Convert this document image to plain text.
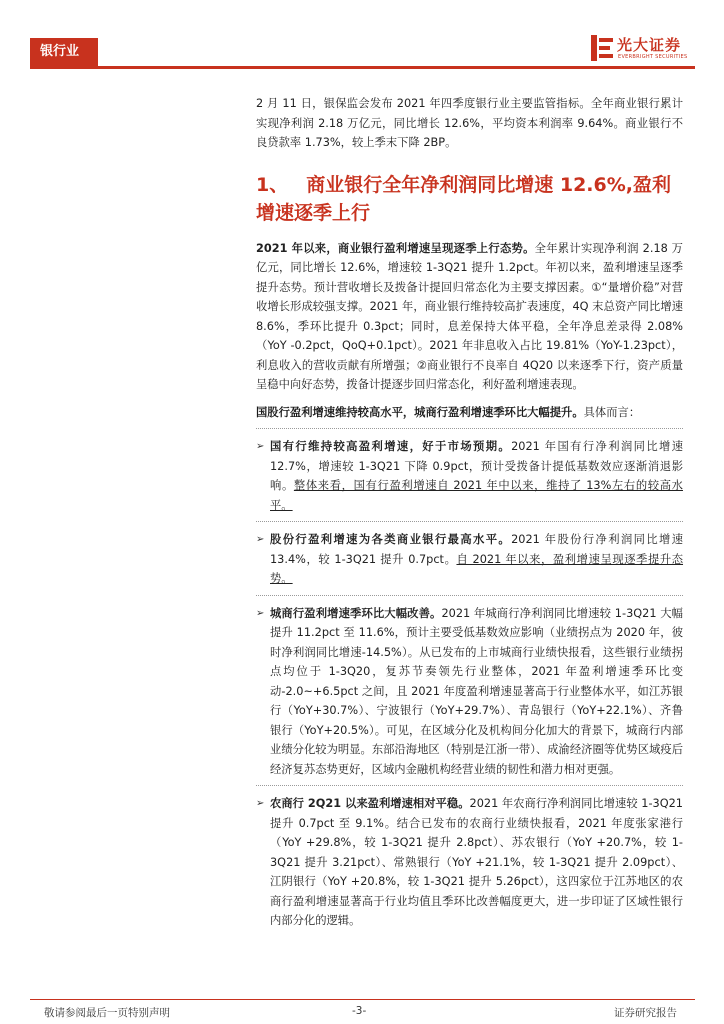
银行业	光大证券
EVERBRIGHT SECURITIES

2 月 11 日，银保监会发布 2021 年四季度银行业主要监管指标。全年商业银行累计实现净利润 2.18 万亿元，同比增长 12.6%，平均资本利润率 9.64%。商业银行不良贷款率 1.73%，较上季末下降 2BP。

1、 商业银行全年净利润同比增速 12.6%,盈利增速逐季上行

2021 年以来，商业银行盈利增速呈现逐季上行态势。全年累计实现净利润 2.18 万亿元，同比增长 12.6%，增速较 1-3Q21 提升 1.2pct。年初以来，盈利增速呈逐季提升态势。预计营收增长及拨备计提回归常态化为主要支撑因素。①“量增价稳”对营收增长形成较强支撑。2021 年，商业银行维持较高扩表速度，4Q 末总资产同比增速 8.6%，季环比提升 0.3pct；同时，息差保持大体平稳，全年净息差录得 2.08%（YoY -0.2pct，QoQ+0.1pct）。2021 年非息收入占比 19.81%（YoY-1.23pct），利息收入的营收贡献有所增强；②商业银行不良率自 4Q20 以来逐季下行，资产质量呈稳中向好态势，拨备计提逐步回归常态化，利好盈利增速表现。

国股行盈利增速维持较高水平，城商行盈利增速季环比大幅提升。具体而言：

➢ 国有行维持较高盈利增速，好于市场预期。2021 年国有行净利润同比增速 12.7%，增速较 1-3Q21 下降 0.9pct，预计受拨备计提低基数效应逐渐消退影响。整体来看，国有行盈利增速自 2021 年中以来，维持了 13%左右的较高水平。
➢ 股份行盈利增速为各类商业银行最高水平。2021 年股份行净利润同比增速 13.4%，较 1-3Q21 提升 0.7pct。自 2021 年以来，盈利增速呈现逐季提升态势。
➢ 城商行盈利增速季环比大幅改善。2021 年城商行净利润同比增速较 1-3Q21 大幅提升 11.2pct 至 11.6%，预计主要受低基数效应影响（业绩拐点为 2020 年，彼时净利润同比增速-14.5%）。从已发布的上市城商行业绩快报看，这些银行业绩拐点均位于 1-3Q20，复苏节奏领先行业整体，2021 年盈利增速季环比变动-2.0~+6.5pct 之间，且 2021 年度盈利增速显著高于行业整体水平，如江苏银行（YoY+30.7%）、宁波银行（YoY+29.7%）、青岛银行（YoY+22.1%）、齐鲁银行（YoY+20.5%）。可见，在区域分化及机构间分化加大的背景下，城商行内部业绩分化较为明显。东部沿海地区（特别是江浙一带）、成渝经济圈等优势区域疫后经济复苏态势更好，区域内金融机构经营业绩的韧性和潜力相对更强。
➢ 农商行 2Q21 以来盈利增速相对平稳。2021 年农商行净利润同比增速较 1-3Q21 提升 0.7pct 至 9.1%。结合已发布的农商行业绩快报看，2021 年度张家港行（YoY +29.8%，较 1-3Q21 提升 2.8pct）、苏农银行（YoY +20.7%，较 1-3Q21 提升 3.21pct）、常熟银行（YoY +21.1%，较 1-3Q21 提升 2.09pct）、江阴银行（YoY +20.8%，较 1-3Q21 提升 5.26pct），这四家位于江苏地区的农商行盈利增速显著高于行业均值且季环比改善幅度更大，进一步印证了区域性银行内部分化的逻辑。
敬请参阅最后一页特别声明	-3-	证券研究报告
